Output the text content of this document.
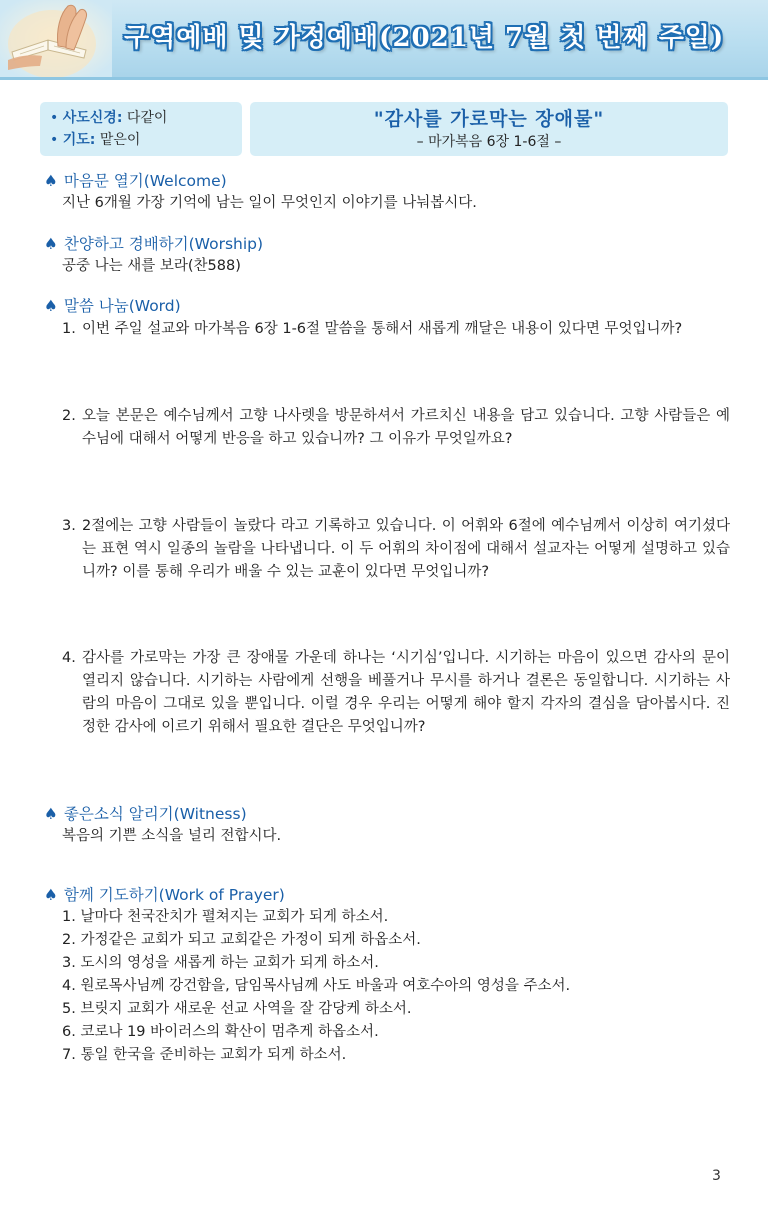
구역예배 및 가정예배(2021년 7월 첫 번째 주일)
• 사도신경: 다같이
• 기도: 맡은이
"감사를 가로막는 장애물"
– 마가복음 6장 1-6절 –
♠ 마음문 열기(Welcome)
지난 6개월 가장 기억에 남는 일이 무엇인지 이야기를 나눠봅시다.
♠ 찬양하고 경배하기(Worship)
공중 나는 새를 보라(찬588)
♠ 말씀 나눔(Word)
1. 이번 주일 설교와 마가복음 6장 1-6절 말씀을 통해서 새롭게 깨달은 내용이 있다면 무엇입니까?
2. 오늘 본문은 예수님께서 고향 나사렛을 방문하셔서 가르치신 내용을 담고 있습니다. 고향 사람들은 예수님에 대해서 어떻게 반응을 하고 있습니까? 그 이유가 무엇일까요?
3. 2절에는 고향 사람들이 놀랐다 라고 기록하고 있습니다. 이 어휘와 6절에 예수님께서 이상히 여기셨다는 표현 역시 일종의 놀람을 나타냅니다. 이 두 어휘의 차이점에 대해서 설교자는 어떻게 설명하고 있습니까? 이를 통해 우리가 배울 수 있는 교훈이 있다면 무엇입니까?
4. 감사를 가로막는 가장 큰 장애물 가운데 하나는 ‘시기심’입니다. 시기하는 마음이 있으면 감사의 문이 열리지 않습니다. 시기하는 사람에게 선행을 베풀거나 무시를 하거나 결론은 동일합니다. 시기하는 사람의 마음이 그대로 있을 뿐입니다. 이럴 경우 우리는 어떻게 해야 할지 각자의 결심을 담아봅시다. 진정한 감사에 이르기 위해서 필요한 결단은 무엇입니까?
♠ 좋은소식 알리기(Witness)
복음의 기쁜 소식을 널리 전합시다.
♠ 함께 기도하기(Work of Prayer)
1. 날마다 천국잔치가 펼쳐지는 교회가 되게 하소서.
2. 가정같은 교회가 되고 교회같은 가정이 되게 하옵소서.
3. 도시의 영성을 새롭게 하는 교회가 되게 하소서.
4. 원로목사님께 강건함을, 담임목사님께 사도 바울과 여호수아의 영성을 주소서.
5. 브릿지 교회가 새로운 선교 사역을 잘 감당케 하소서.
6. 코로나 19 바이러스의 확산이 멈추게 하옵소서.
7. 통일 한국을 준비하는 교회가 되게 하소서.
3
